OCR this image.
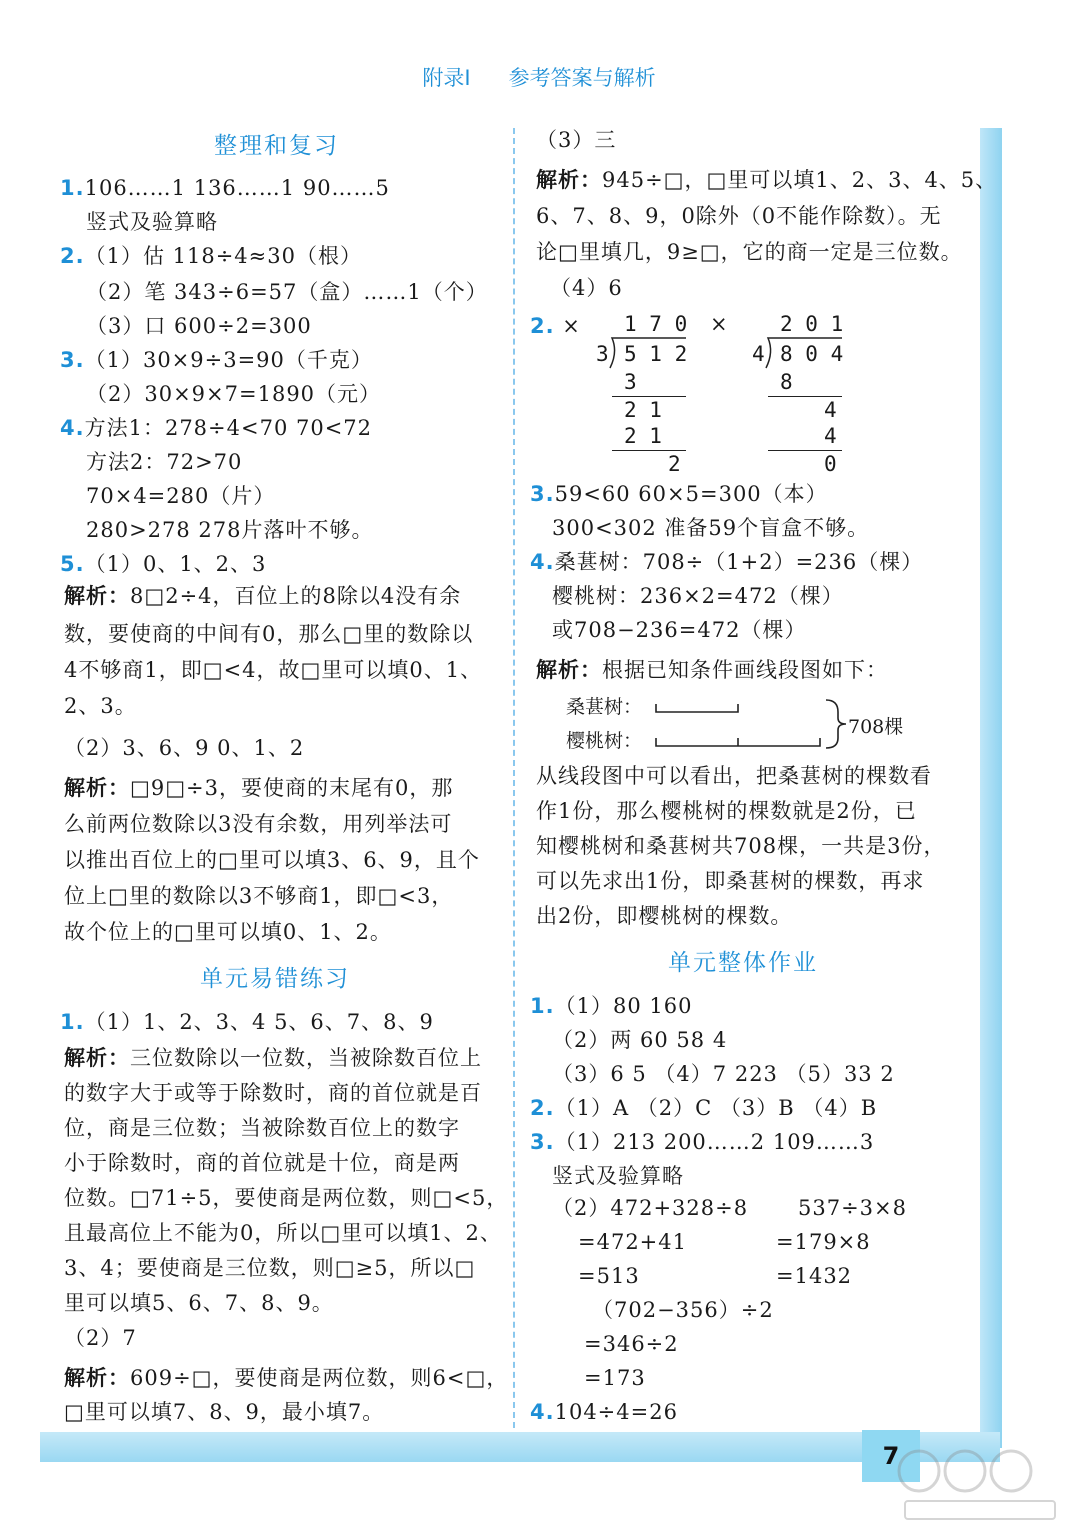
附录Ⅰ 参考答案与解析
整理和复习
1.106……1 136……1 90……5
竖式及验算略
2.（1）估 118÷4≈30（根）
（2）笔 343÷6=57（盒）……1（个）
（3）口 600÷2=300
3.（1）30×9÷3=90（千克）
（2）30×9×7=1890（元）
4.方法1：278÷4<70 70<72
方法2：72>70
70×4=280（片）
280>278 278片落叶不够。
5.（1）0、1、2、3
解析：8□2÷4，百位上的8除以4没有余
数，要使商的中间有0，那么□里的数除以
4不够商1，即□<4，故□里可以填0、1、
2、3。
（2）3、6、9 0、1、2
解析：□9□÷3，要使商的末尾有0，那
么前两位数除以3没有余数，用列举法可
以推出百位上的□里可以填3、6、9，且个
位上□里的数除以3不够商1，即□<3，
故个位上的□里可以填0、1、2。
单元易错练习
1.（1）1、2、3、4 5、6、7、8、9
解析：三位数除以一位数，当被除数百位上
的数字大于或等于除数时，商的首位就是百
位，商是三位数；当被除数百位上的数字
小于除数时，商的首位就是十位，商是两
位数。□71÷5，要使商是两位数，则□<5，
且最高位上不能为0，所以□里可以填1、2、
3、4；要使商是三位数，则□≥5，所以□
里可以填5、6、7、8、9。
（2）7
解析：609÷□，要使商是两位数，则6<□，
□里可以填7、8、9，最小填7。
（3）三
解析：945÷□，□里可以填1、2、3、4、5、
6、7、8、9，0除外（0不能作除数）。无
论□里填几，9≥□，它的商一定是三位数。
（4）6
2. ×	×
1 7 0
3 5 1 2
3
2 1
2 1
2
2 0 1
4 8 0 4
8
4
4
0
3.59<60 60×5=300（本）
300<302 准备59个盲盒不够。
4.桑葚树：708÷（1+2）=236（棵）
樱桃树：236×2=472（棵）
或708−236=472（棵）
解析：根据已知条件画线段图如下：
桑葚树：
樱桃树：
708棵
从线段图中可以看出，把桑葚树的棵数看
作1份，那么樱桃树的棵数就是2份，已
知樱桃树和桑葚树共708棵，一共是3份，
可以先求出1份，即桑葚树的棵数，再求
出2份，即樱桃树的棵数。
单元整体作业
1.（1）80 160
（2）两 60 58 4
（3）6 5 （4）7 223 （5）33 2
2.（1）A （2）C （3）B （4）B
3.（1）213 200……2 109……3
竖式及验算略
（2）472+328÷8
=472+41
=513
537÷3×8
=179×8
=1432
（702−356）÷2
=346÷2
=173
4.104÷4=26
7
